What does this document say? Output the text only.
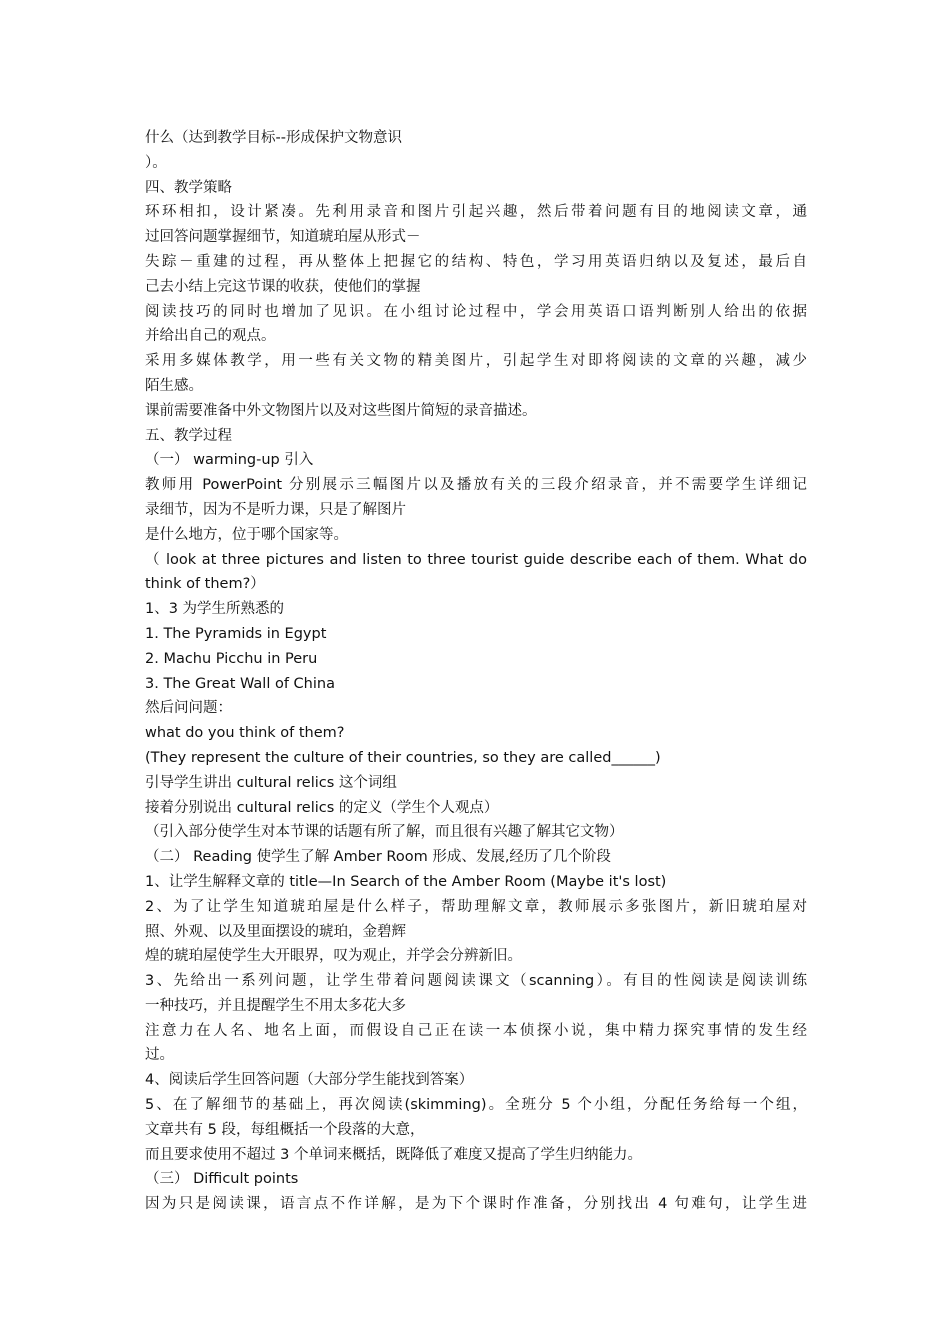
什么（达到教学目标--形成保护文物意识
）。
四、教学策略
环环相扣，设计紧凑。先利用录音和图片引起兴趣，然后带着问题有目的地阅读文章，通
过回答问题掌握细节，知道琥珀屋从形式－
失踪－重建的过程，再从整体上把握它的结构、特色，学习用英语归纳以及复述，最后自
己去小结上完这节课的收获，使他们的掌握
阅读技巧的同时也增加了见识。在小组讨论过程中，学会用英语口语判断别人给出的依据
并给出自己的观点。
采用多媒体教学，用一些有关文物的精美图片，引起学生对即将阅读的文章的兴趣，减少
陌生感。
课前需要准备中外文物图片以及对这些图片简短的录音描述。
五、教学过程
（一） warming-up 引入
教师用 PowerPoint 分别展示三幅图片以及播放有关的三段介绍录音，并不需要学生详细记
录细节，因为不是听力课，只是了解图片
是什么地方，位于哪个国家等。
（ look at three pictures and listen to three tourist guide describe each of them. What do
think of them?）
1、3 为学生所熟悉的
1. The Pyramids in Egypt
2. Machu Picchu in Peru
3. The Great Wall of China
然后问问题：
what do you think of them?
(They represent the culture of their countries, so they are called______)
引导学生讲出 cultural relics 这个词组
接着分别说出 cultural relics 的定义（学生个人观点）
（引入部分使学生对本节课的话题有所了解，而且很有兴趣了解其它文物）
（二） Reading 使学生了解 Amber Room 形成、发展,经历了几个阶段
1、让学生解释文章的 title—In Search of the Amber Room (Maybe it's lost)
2、为了让学生知道琥珀屋是什么样子，帮助理解文章，教师展示多张图片，新旧琥珀屋对
照、外观、以及里面摆设的琥珀，金碧辉
煌的琥珀屋使学生大开眼界，叹为观止，并学会分辨新旧。
3、先给出一系列问题，让学生带着问题阅读课文（scanning）。有目的性阅读是阅读训练
一种技巧，并且提醒学生不用太多花大多
注意力在人名、地名上面，而假设自己正在读一本侦探小说，集中精力探究事情的发生经
过。
4、阅读后学生回答问题（大部分学生能找到答案）
5、在了解细节的基础上，再次阅读(skimming)。全班分 5 个小组，分配任务给每一个组，
文章共有 5 段，每组概括一个段落的大意，
而且要求使用不超过 3 个单词来概括，既降低了难度又提高了学生归纳能力。
（三） Difficult points
因为只是阅读课，语言点不作详解，是为下个课时作准备，分别找出 4 句难句，让学生进
